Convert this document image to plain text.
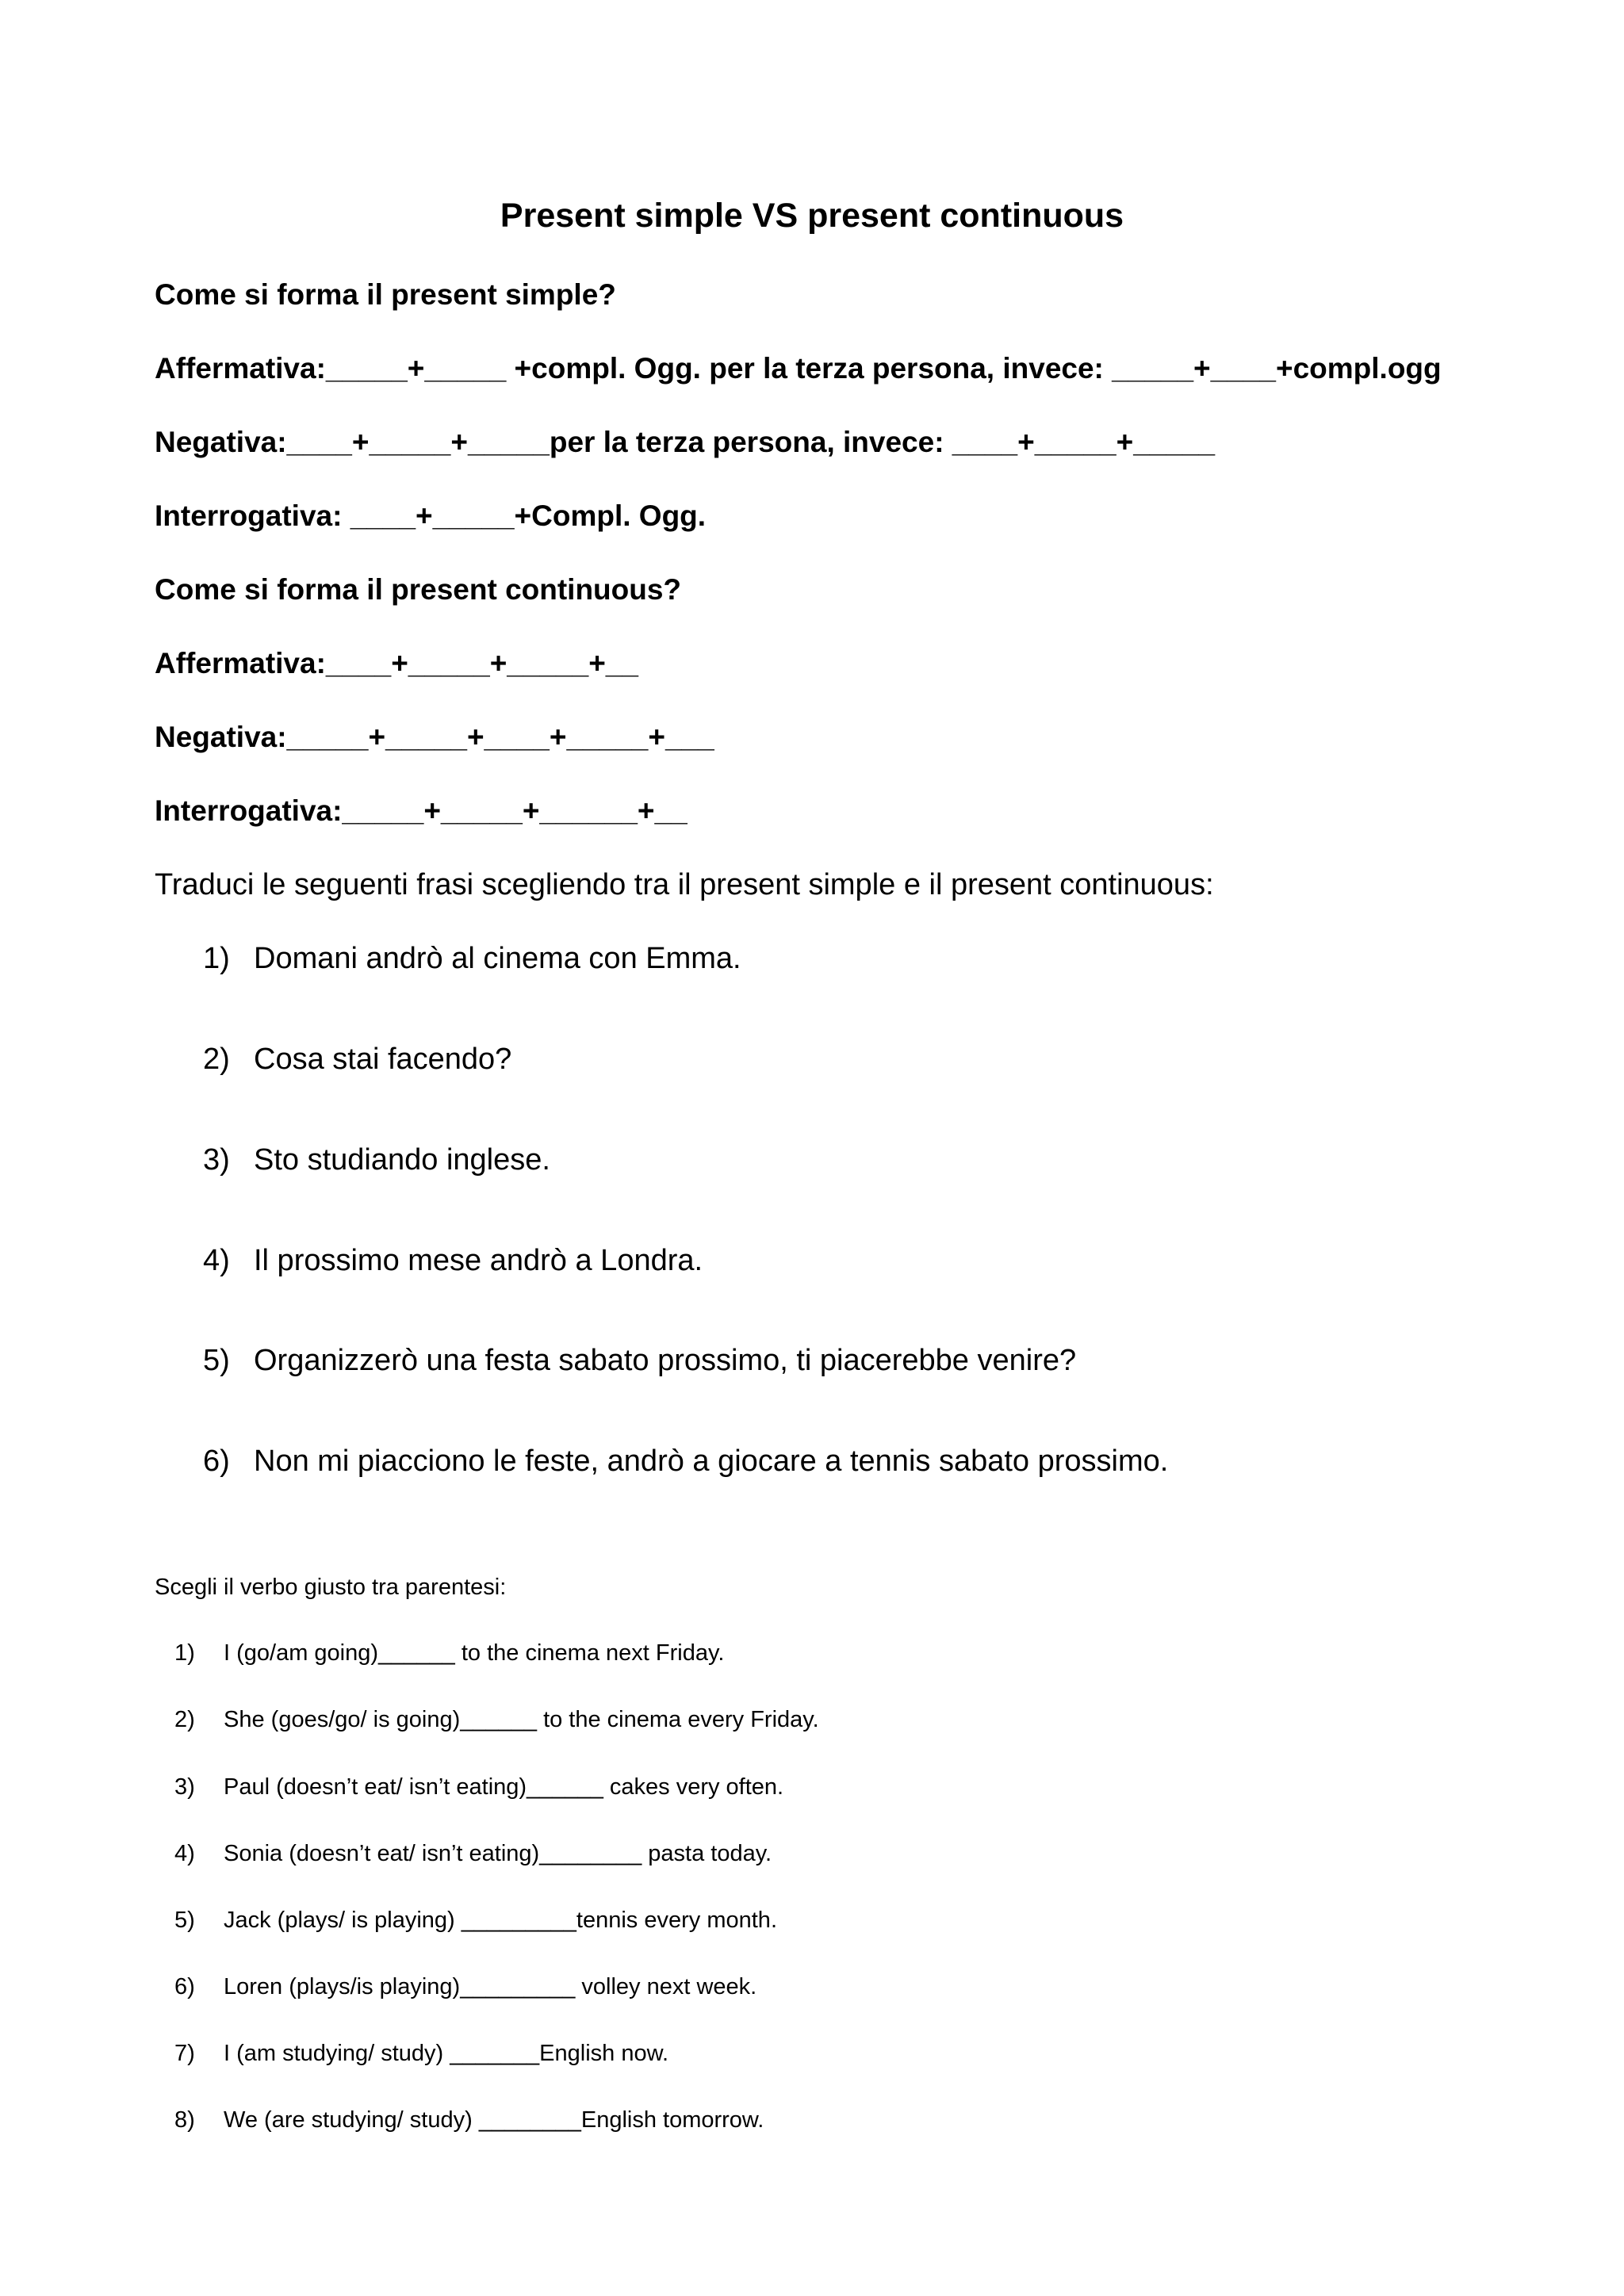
Present simple VS present continuous
Come si forma il present simple?
Affermativa:_____+_____ +compl. Ogg. per la terza persona, invece: _____+____+compl.ogg
Negativa:____+_____+_____per la terza persona, invece: ____+_____+_____
Interrogativa: ____+_____+Compl. Ogg.
Come si forma il present continuous?
Affermativa:____+_____+_____+__
Negativa:_____+_____+____+_____+___
Interrogativa:_____+_____+______+__
Traduci le seguenti frasi scegliendo tra il present simple e il present continuous:
1) Domani andrò al cinema con Emma.
2) Cosa stai facendo?
3) Sto studiando inglese.
4) Il prossimo mese andrò a Londra.
5) Organizzerò una festa sabato prossimo, ti piacerebbe venire?
6) Non mi piacciono le feste, andrò a giocare a tennis sabato prossimo.
Scegli il verbo giusto tra parentesi:
1) I (go/am going)______ to the cinema next Friday.
2) She (goes/go/ is going)______ to the cinema every Friday.
3) Paul (doesn’t eat/ isn’t eating)______ cakes very often.
4) Sonia (doesn’t eat/ isn’t eating)________ pasta today.
5) Jack (plays/ is playing) _________tennis every month.
6) Loren (plays/is playing)_________ volley next week.
7) I (am studying/ study) _______English now.
8) We (are studying/ study) ________English tomorrow.
